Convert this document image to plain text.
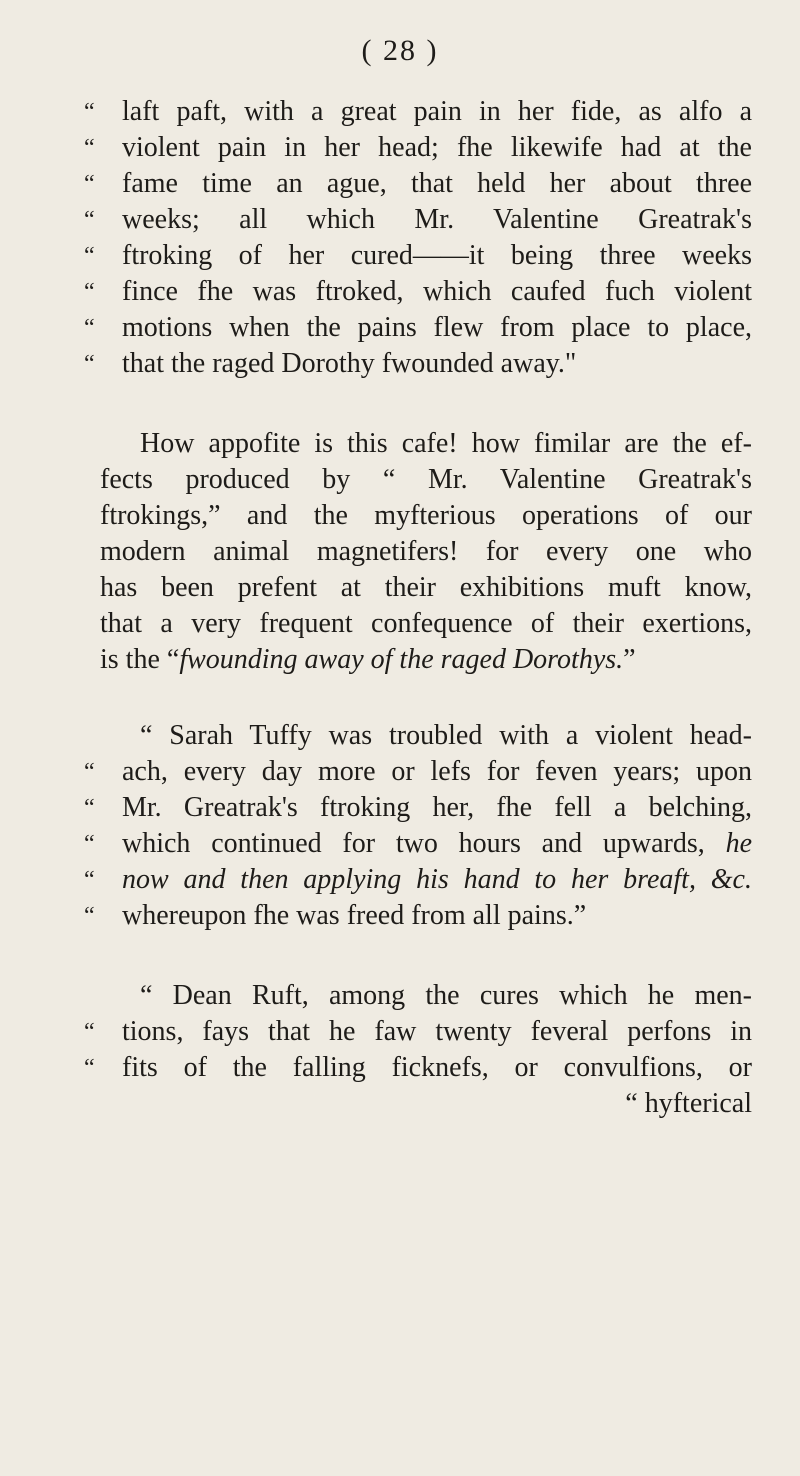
( 28 )
“ laft paft, with a great pain in her fide, as alfo a
“ violent pain in her head; fhe likewife had at the
“ fame time an ague, that held her about three
“ weeks; all which Mr. Valentine Greatrak's
“ ftroking of her cured——it being three weeks
“ fince fhe was ftroked, which caufed fuch violent
“ motions when the pains flew from place to place,
“ that the raged Dorothy fwounded away."
How appofite is this cafe! how fimilar are the ef-
fects produced by “ Mr. Valentine Greatrak's
ftrokings,” and the myfterious operations of our
modern animal magnetifers! for every one who
has been prefent at their exhibitions muft know,
that a very frequent confequence of their exertions,
is the “fwounding away of the raged Dorothys.”
“ Sarah Tuffy was troubled with a violent head-
“ ach, every day more or lefs for feven years; upon
“ Mr. Greatrak's ftroking her, fhe fell a belching,
“ which continued for two hours and upwards, he
“ now and then applying his hand to her breaft, &c.
“ whereupon fhe was freed from all pains.”
“ Dean Ruft, among the cures which he men-
“ tions, fays that he faw twenty feveral perfons in
“ fits of the falling ficknefs, or convulfions, or
“ hyfterical
